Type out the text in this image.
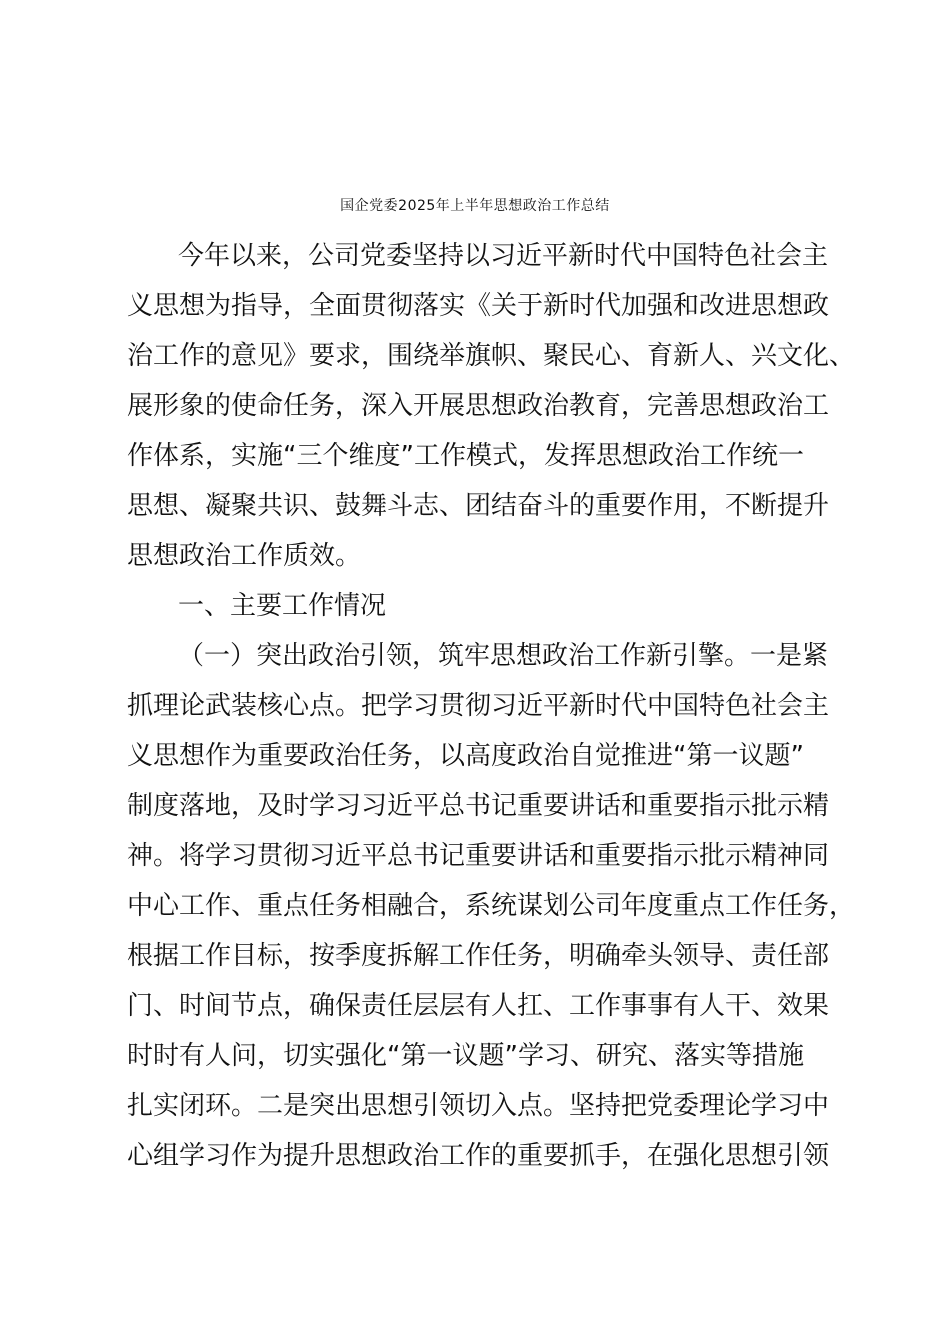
国企党委2025年上半年思想政治工作总结
今年以来，公司党委坚持以习近平新时代中国特色社会主
义思想为指导，全面贯彻落实《关于新时代加强和改进思想政
治工作的意见》要求，围绕举旗帜、聚民心、育新人、兴文化、
展形象的使命任务，深入开展思想政治教育，完善思想政治工
作体系，实施“三个维度”工作模式，发挥思想政治工作统一
思想、凝聚共识、鼓舞斗志、团结奋斗的重要作用，不断提升
思想政治工作质效。
一、主要工作情况
（一）突出政治引领，筑牢思想政治工作新引擎。一是紧
抓理论武装核心点。把学习贯彻习近平新时代中国特色社会主
义思想作为重要政治任务，以高度政治自觉推进“第一议题”
制度落地，及时学习习近平总书记重要讲话和重要指示批示精
神。将学习贯彻习近平总书记重要讲话和重要指示批示精神同
中心工作、重点任务相融合，系统谋划公司年度重点工作任务，
根据工作目标，按季度拆解工作任务，明确牵头领导、责任部
门、时间节点，确保责任层层有人扛、工作事事有人干、效果
时时有人问，切实强化“第一议题”学习、研究、落实等措施
扎实闭环。二是突出思想引领切入点。坚持把党委理论学习中
心组学习作为提升思想政治工作的重要抓手，在强化思想引领
